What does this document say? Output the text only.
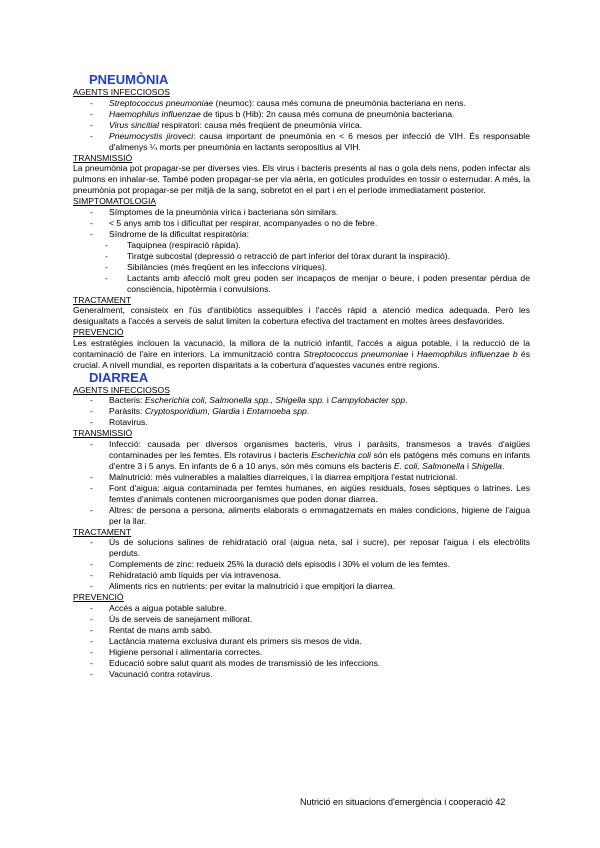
PNEUMÒNIA
AGENTS INFECCIOSOS
- Streptococcus pneumoniae (neumoc): causa més comuna de pneumònia bacteriana en nens.
- Haemophilus influenzae de tipus b (Hib): 2n causa més comuna de pneumònia bacteriana.
- Virus sincitial respiratori: causa més freqüent de pneumònia vírica.
- Pneumocystis jiroveci: causa important de pneumònia en < 6 mesos per infecció de VIH. És responsable d'almenys ¼ morts per pneumònia en lactants seropositius al VIH.
TRANSMISSIÓ
La pneumònia pot propagar-se per diverses vies. Els virus i bacteris presents al nas o gola dels nens, poden infectar als pulmons en inhalar-se. També poden propagar-se per via aèria, en gotícules produïdes en tossir o esternudar. A més, la pneumònia pot propagar-se per mitjà de la sang, sobretot en el part i en el període immediatament posterior.
SIMPTOMATOLOGIA
- Símptomes de la pneumònia vírica i bacteriana són similars.
- < 5 anys amb tos i dificultat per respirar, acompanyades o no de febre.
- Síndrome de la dificultat respiratòria:
- Taquipnea (respiració ràpida).
- Tiratge subcostal (depressió o retracció de part inferior del tòrax durant la inspiració).
- Sibilàncies (més freqüent en les infeccions víriques).
- Lactants amb afecció molt greu poden ser incapaços de menjar o beure, i poden presentar pèrdua de consciència, hipotèrmia i convulsions.
TRACTAMENT
Generalment, consisteix en l'ús d'antibiòtics assequibles i l'accés ràpid a atenció medica adequada. Però les desigualtats a l'accés a serveis de salut limiten la cobertura efectiva del tractament en moltes àrees desfavorides.
PREVENCIÓ
Les estratègies inclouen la vacunació, la millora de la nutrició infantil, l'accés a aigua potable, i la reducció de la contaminació de l'aire en interiors. La immunització contra Streptococcus pneumoniae i Haemophilus influenzae b és crucial. A nivell mundial, es reporten disparitats a la cobertura d'aquestes vacunes entre regions.
DIARREA
AGENTS INFECCIOSOS
- Bacteris: Escherichia coli, Salmonella spp., Shigella spp. i Campylobacter spp.
- Paràsits: Cryptosporidium, Giardia i Entamoeba spp.
- Rotavirus.
TRANSMISSIÓ
- Infecció: causada per diversos organismes bacteris, virus i paràsits, transmesos a través d'aigües contaminades per les femtes. Els rotavirus i bacteris Escherichia coli són els patògens més comuns en infants d'entre 3 i 5 anys. En infants de 6 a 10 anys, són més comuns els bacteris E. coli, Salmonella i Shigella.
- Malnutrició: més vulnerables a malalties diarreiques, i la diarrea empitjora l'estat nutricional.
- Font d'aigua: aigua contaminada per femtes humanes, en aigües residuals, foses sèptiques o latrines. Les femtes d'animals contenen microorganismes que poden donar diarrea.
- Altres: de persona a persona, aliments elaborats o emmagatzemats en males condicions, higiene de l'aigua per la llar.
TRACTAMENT
- Ús de solucions salines de rehidratació oral (aigua neta, sal i sucre), per reposar l'aigua i els electròlits perduts.
- Complements de zinc: redueix 25% la duració dels episodis i 30% el volum de les femtes.
- Rehidratació amb líquids per via intravenosa.
- Aliments rics en nutrients: per evitar la malnutrició i que empitjori la diarrea.
PREVENCIÓ
- Accés a aigua potable salubre.
- Ús de serveis de sanejament millorat.
- Rentat de mans amb sabó.
- Lactància materna exclusiva durant els primers sis mesos de vida.
- Higiene personal i alimentaria correctes.
- Educació sobre salut quant als modes de transmissió de les infeccions.
- Vacunació contra rotavirus.
Nutrició en situacions d'emergència i cooperació 42
